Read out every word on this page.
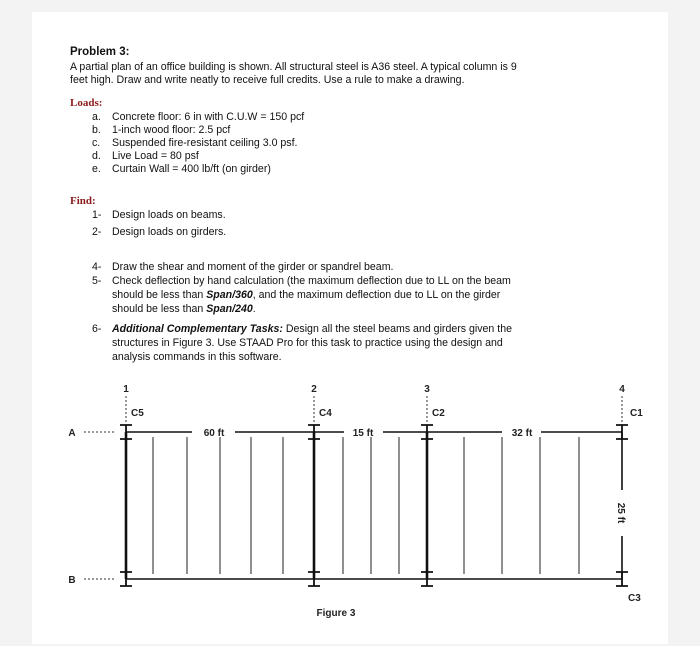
Problem 3:
A partial plan of an office building is shown. All structural steel is A36 steel. A typical column is 9
feet high. Draw and write neatly to receive full credits. Use a rule to make a drawing.
Loads:
a. Concrete floor: 6 in with C.U.W = 150 pcf
b. 1-inch wood floor: 2.5 pcf
c. Suspended fire-resistant ceiling 3.0 psf.
d. Live Load = 80 psf
e. Curtain Wall = 400 lb/ft (on girder)
Find:
1- Design loads on beams.
2- Design loads on girders.
4- Draw the shear and moment of the girder or spandrel beam.
5- Check deflection by hand calculation (the maximum deflection due to LL on the beam
should be less than Span/360, and the maximum deflection due to LL on the girder
should be less than Span/240.
6- Additional Complementary Tasks: Design all the steel beams and girders given the
structures in Figure 3. Use STAAD Pro for this task to practice using the design and
analysis commands in this software.
1	2	3	4
A
B
C5	C4	C2	C1
C3
60 ft	15 ft	32 ft
25 ft
Figure 3
